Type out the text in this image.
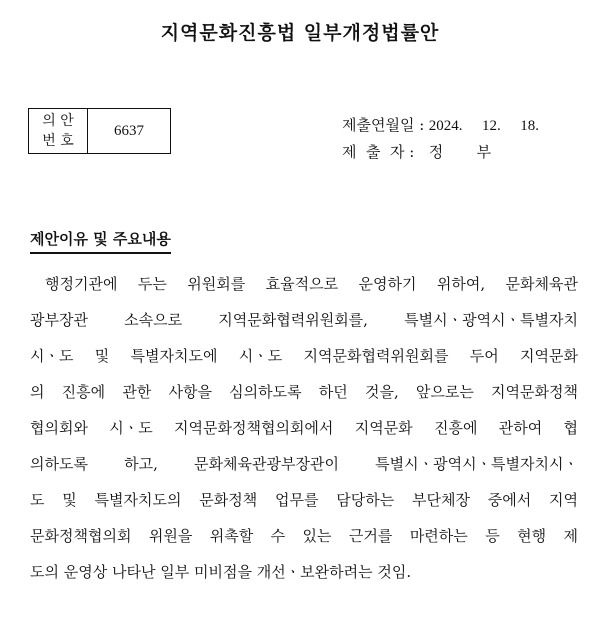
지역문화진흥법 일부개정법률안
의 안
번 호
	6637	제출연월일 : 2024.  12.  18.
제  출  자 : 정       부
제안이유 및 주요내용
행정기관에 두는 위원회를 효율적으로 운영하기 위하여, 문화체육관
광부장관 소속으로 지역문화협력위원회를, 특별시ㆍ광역시ㆍ특별자치
시ㆍ도 및 특별자치도에 시ㆍ도 지역문화협력위원회를 두어 지역문화
의 진흥에 관한 사항을 심의하도록 하던 것을, 앞으로는 지역문화정책
협의회와 시ㆍ도 지역문화정책협의회에서 지역문화 진흥에 관하여 협
의하도록 하고, 문화체육관광부장관이 특별시ㆍ광역시ㆍ특별자치시ㆍ
도 및 특별자치도의 문화정책 업무를 담당하는 부단체장 중에서 지역
문화정책협의회 위원을 위촉할 수 있는 근거를 마련하는 등 현행 제
도의 운영상 나타난 일부 미비점을 개선ㆍ보완하려는 것임.
